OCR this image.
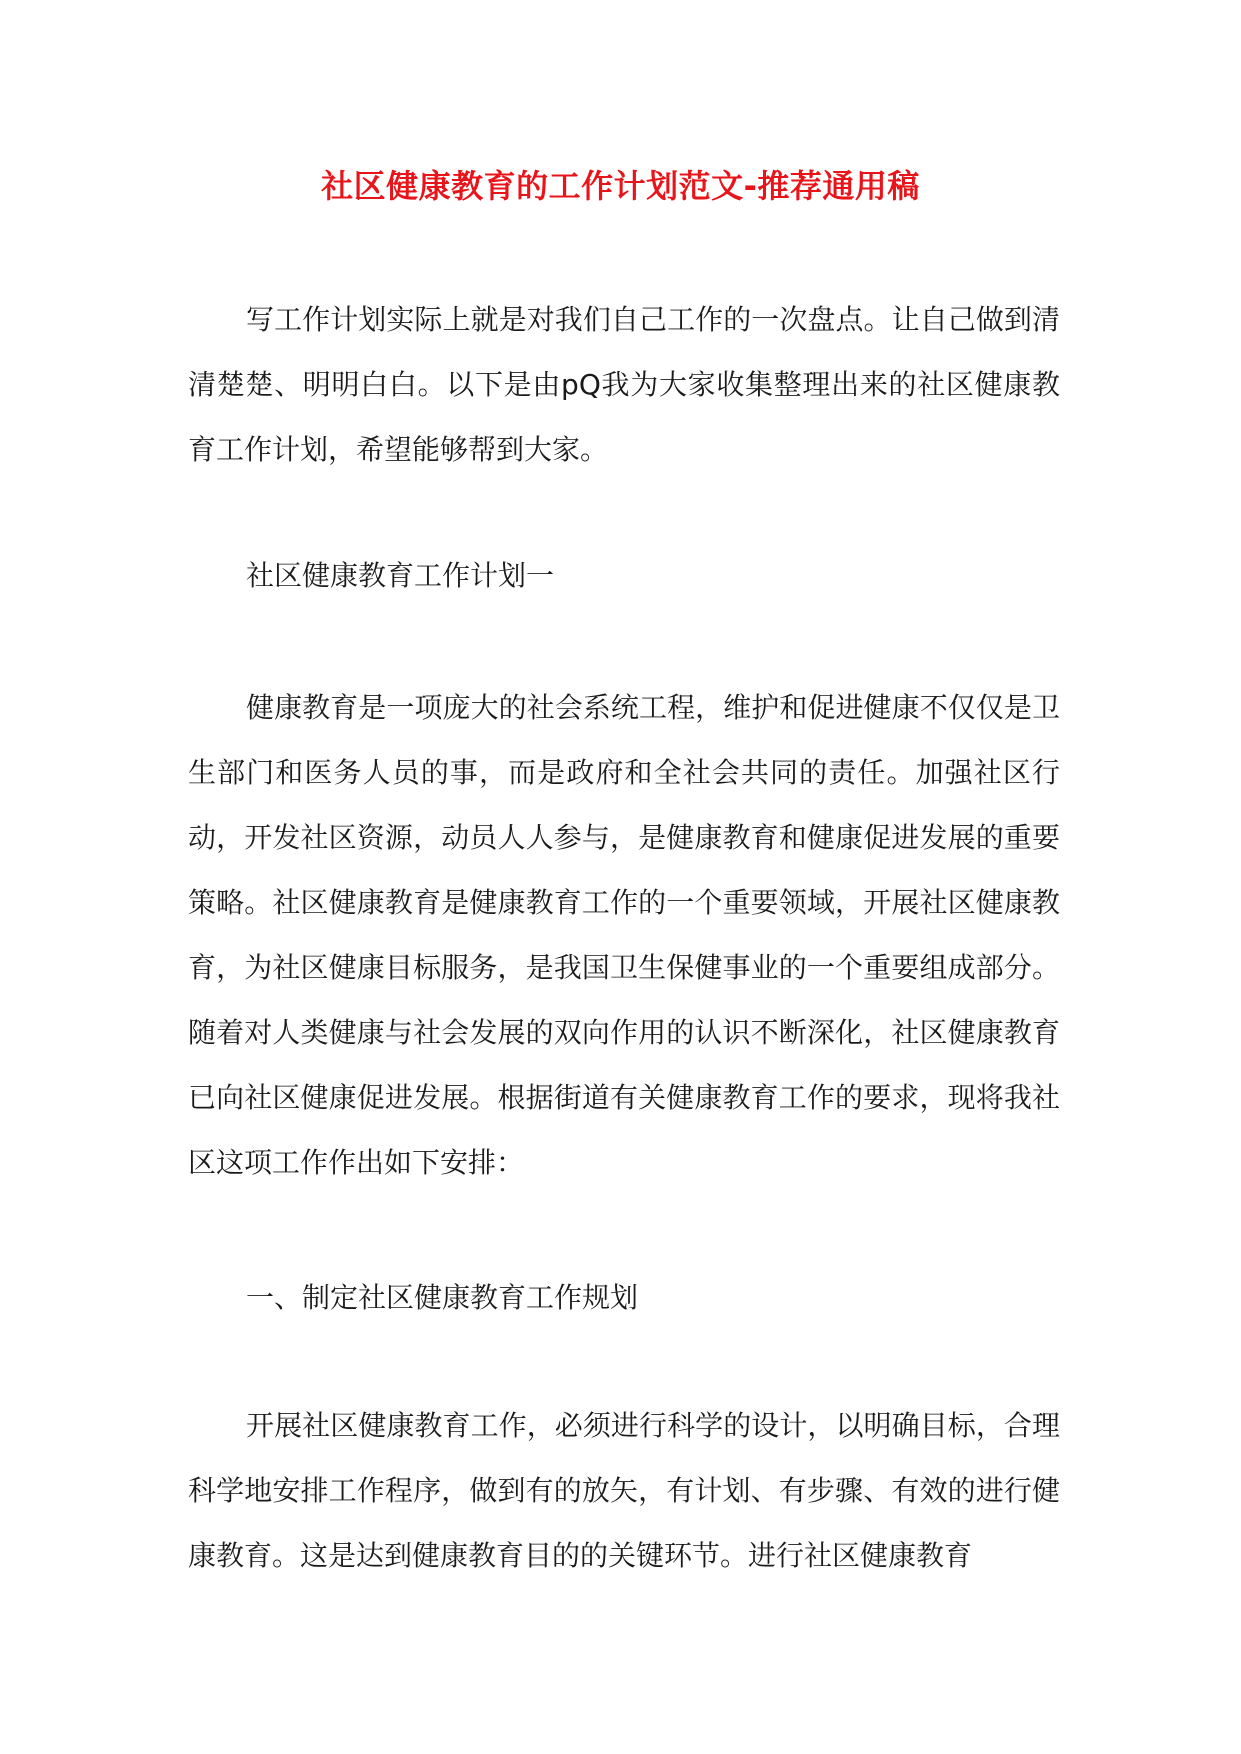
社区健康教育的工作计划范文-推荐通用稿

写工作计划实际上就是对我们自己工作的一次盘点。让自己做到清清楚楚、明明白白。以下是由pQ我为大家收集整理出来的社区健康教育工作计划，希望能够帮到大家。

社区健康教育工作计划一

健康教育是一项庞大的社会系统工程，维护和促进健康不仅仅是卫生部门和医务人员的事，而是政府和全社会共同的责任。加强社区行动，开发社区资源，动员人人参与，是健康教育和健康促进发展的重要策略。社区健康教育是健康教育工作的一个重要领域，开展社区健康教育，为社区健康目标服务，是我国卫生保健事业的一个重要组成部分。随着对人类健康与社会发展的双向作用的认识不断深化，社区健康教育已向社区健康促进发展。根据街道有关健康教育工作的要求，现将我社区这项工作作出如下安排：

一、制定社区健康教育工作规划

开展社区健康教育工作，必须进行科学的设计，以明确目标，合理科学地安排工作程序，做到有的放矢，有计划、有步骤、有效的进行健康教育。这是达到健康教育目的的关键环节。进行社区健康教育
